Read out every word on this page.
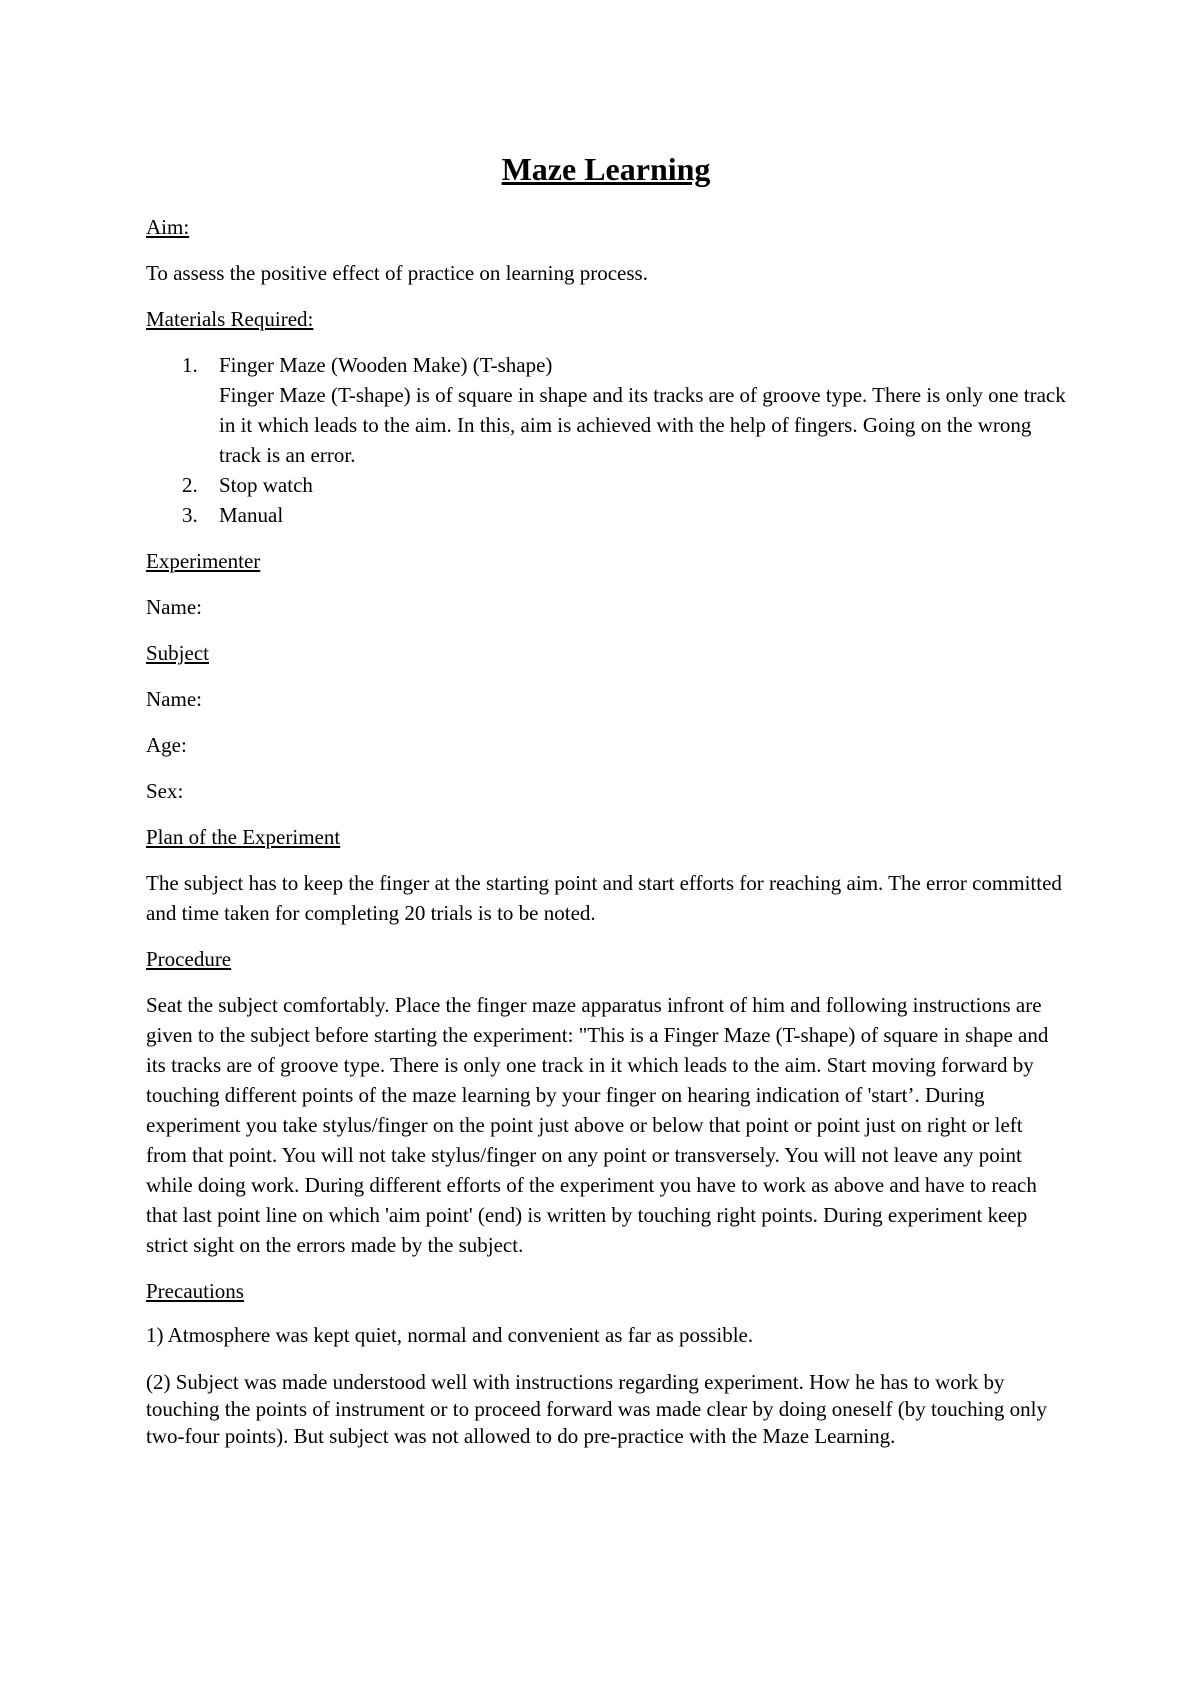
Maze Learning
Aim:
To assess the positive effect of practice on learning process.
Materials Required:
1. Finger Maze (Wooden Make) (T-shape)
Finger Maze (T-shape) is of square in shape and its tracks are of groove type. There is only one track in it which leads to the aim. In this, aim is achieved with the help of fingers. Going on the wrong track is an error.
2. Stop watch
3. Manual
Experimenter
Name:
Subject
Name:
Age:
Sex:
Plan of the Experiment
The subject has to keep the finger at the starting point and start efforts for reaching aim. The error committed and time taken for completing 20 trials is to be noted.
Procedure
Seat the subject comfortably. Place the finger maze apparatus infront of him and following instructions are given to the subject before starting the experiment: "This is a Finger Maze (T-shape) of square in shape and its tracks are of groove type. There is only one track in it which leads to the aim. Start moving forward by touching different points of the maze learning by your finger on hearing indication of 'start’. During experiment you take stylus/finger on the point just above or below that point or point just on right or left from that point. You will not take stylus/finger on any point or transversely. You will not leave any point while doing work. During different efforts of the experiment you have to work as above and have to reach that last point line on which 'aim point' (end) is written by touching right points. During experiment keep strict sight on the errors made by the subject.
Precautions
1) Atmosphere was kept quiet, normal and convenient as far as possible.
(2) Subject was made understood well with instructions regarding experiment. How he has to work by touching the points of instrument or to proceed forward was made clear by doing oneself (by touching only two-four points). But subject was not allowed to do pre-practice with the Maze Learning.
